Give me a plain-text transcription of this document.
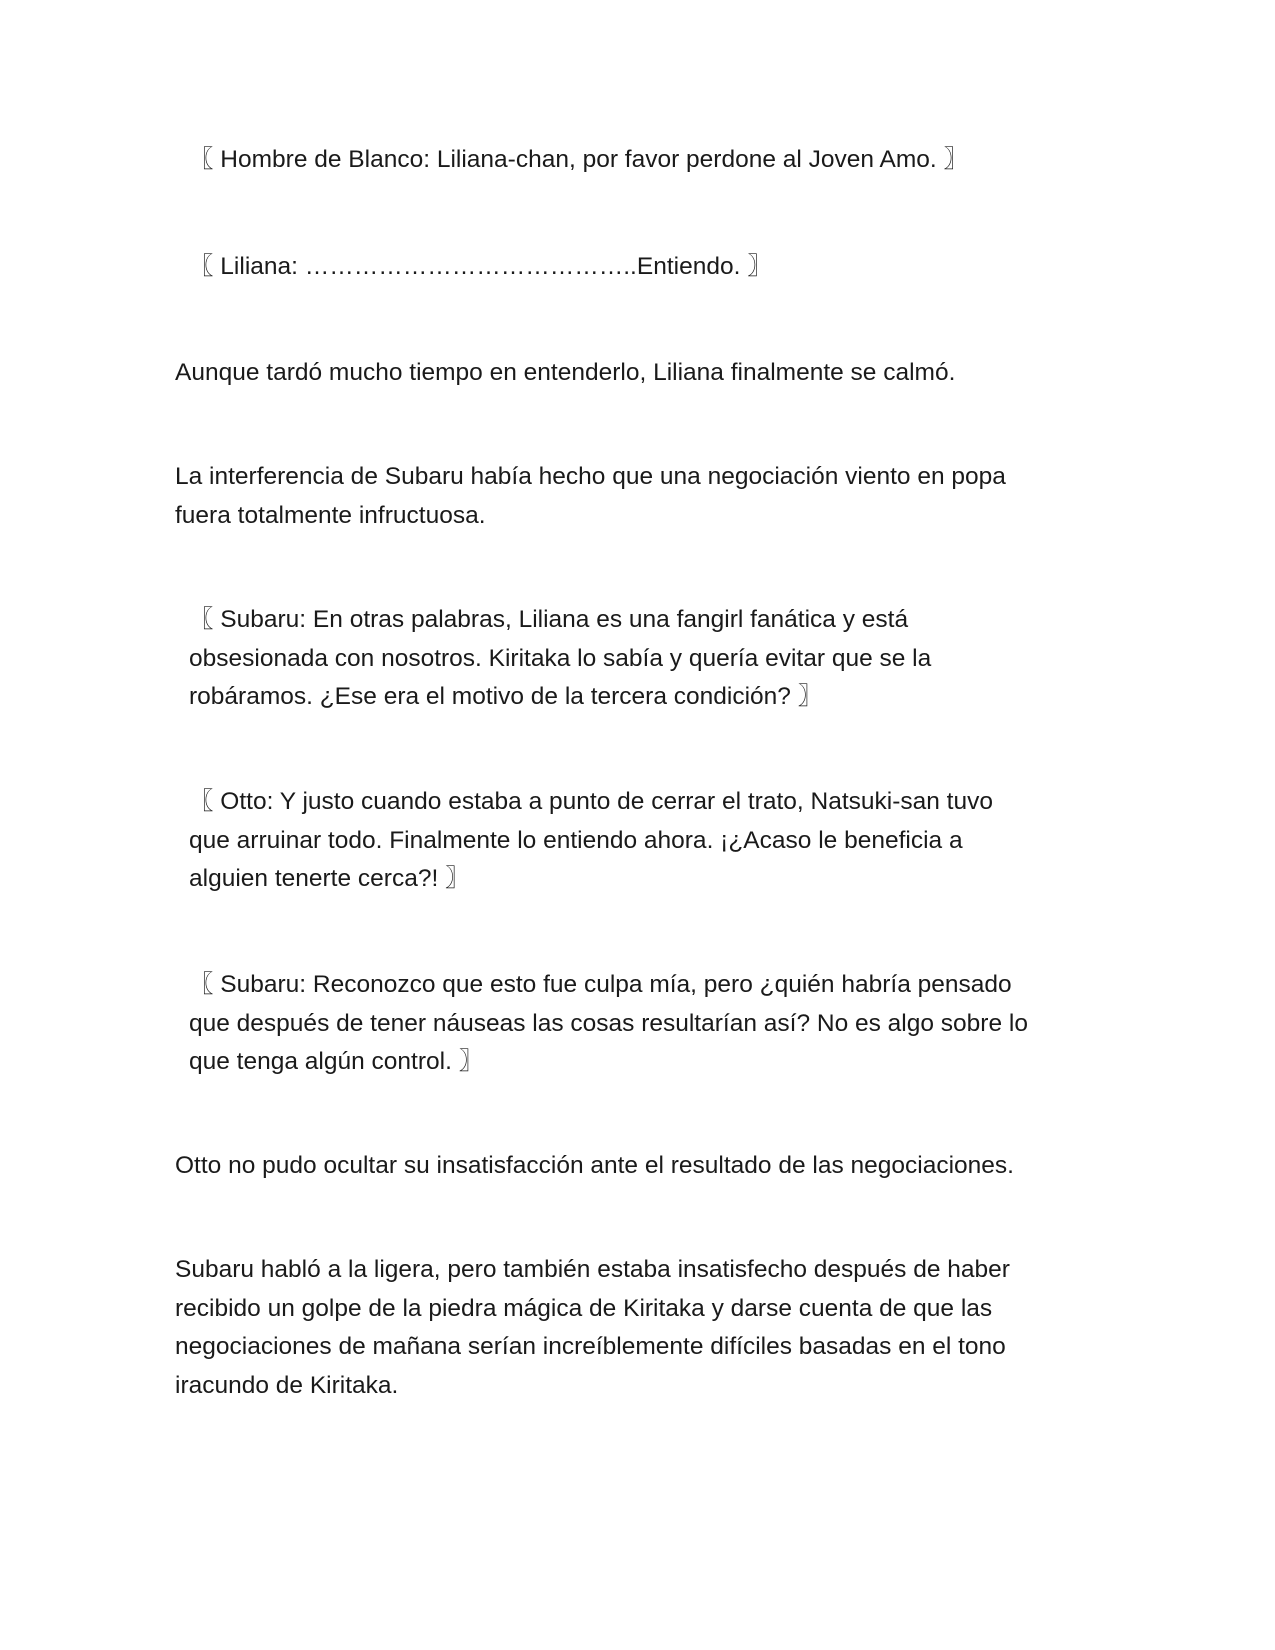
〖 Hombre de Blanco: Liliana-chan, por favor perdone al Joven Amo. 〗

〖 Liliana: …………………………………..Entiendo. 〗

Aunque tardó mucho tiempo en entenderlo, Liliana finalmente se calmó.

La interferencia de Subaru había hecho que una negociación viento en popa
fuera totalmente infructuosa.

〖 Subaru: En otras palabras, Liliana es una fangirl fanática y está
obsesionada con nosotros. Kiritaka lo sabía y quería evitar que se la
robáramos. ¿Ese era el motivo de la tercera condición? 〗

〖 Otto: Y justo cuando estaba a punto de cerrar el trato, Natsuki-san tuvo
que arruinar todo. Finalmente lo entiendo ahora. ¡¿Acaso le beneficia a
alguien tenerte cerca?! 〗

〖 Subaru: Reconozco que esto fue culpa mía, pero ¿quién habría pensado
que después de tener náuseas las cosas resultarían así? No es algo sobre lo
que tenga algún control. 〗

Otto no pudo ocultar su insatisfacción ante el resultado de las negociaciones.

Subaru habló a la ligera, pero también estaba insatisfecho después de haber
recibido un golpe de la piedra mágica de Kiritaka y darse cuenta de que las
negociaciones de mañana serían increíblemente difíciles basadas en el tono
iracundo de Kiritaka.
